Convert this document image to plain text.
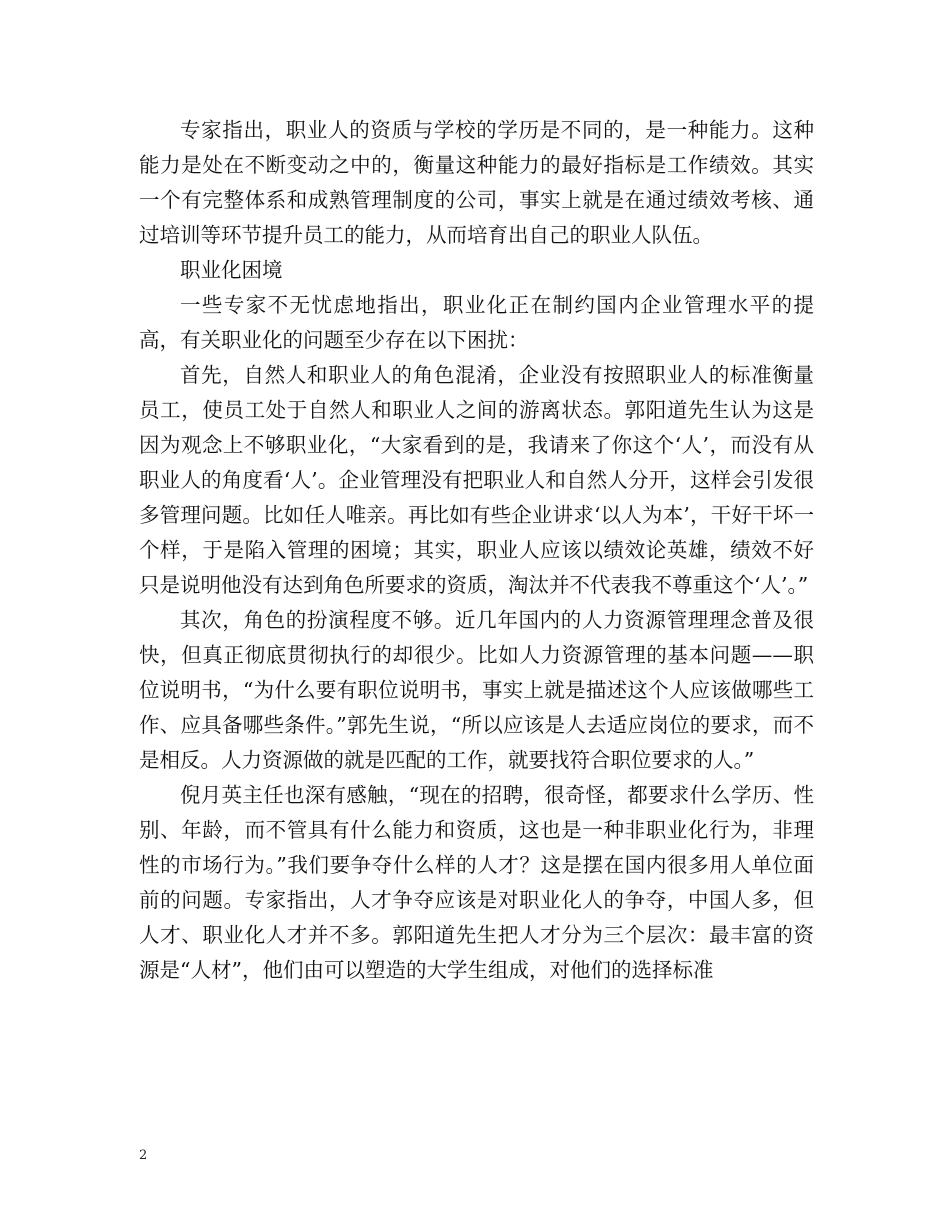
专家指出，职业人的资质与学校的学历是不同的，是一种能力。这种能力是处在不断变动之中的，衡量这种能力的最好指标是工作绩效。其实一个有完整体系和成熟管理制度的公司，事实上就是在通过绩效考核、通过培训等环节提升员工的能力，从而培育出自己的职业人队伍。

职业化困境

一些专家不无忧虑地指出，职业化正在制约国内企业管理水平的提高，有关职业化的问题至少存在以下困扰：

首先，自然人和职业人的角色混淆，企业没有按照职业人的标准衡量员工，使员工处于自然人和职业人之间的游离状态。郭阳道先生认为这是因为观念上不够职业化，“大家看到的是，我请来了你这个‘人’，而没有从职业人的角度看‘人’。企业管理没有把职业人和自然人分开，这样会引发很多管理问题。比如任人唯亲。再比如有些企业讲求‘以人为本’，干好干坏一个样，于是陷入管理的困境；其实，职业人应该以绩效论英雄，绩效不好只是说明他没有达到角色所要求的资质，淘汰并不代表我不尊重这个‘人’。”

其次，角色的扮演程度不够。近几年国内的人力资源管理理念普及很快，但真正彻底贯彻执行的却很少。比如人力资源管理的基本问题——职位说明书，“为什么要有职位说明书，事实上就是描述这个人应该做哪些工作、应具备哪些条件。”郭先生说，“所以应该是人去适应岗位的要求，而不是相反。人力资源做的就是匹配的工作，就要找符合职位要求的人。”

倪月英主任也深有感触，“现在的招聘，很奇怪，都要求什么学历、性别、年龄，而不管具有什么能力和资质，这也是一种非职业化行为，非理性的市场行为。”我们要争夺什么样的人才？这是摆在国内很多用人单位面前的问题。专家指出，人才争夺应该是对职业化人的争夺，中国人多，但人才、职业化人才并不多。郭阳道先生把人才分为三个层次：最丰富的资源是“人材”，他们由可以塑造的大学生组成，对他们的选择标准

2
